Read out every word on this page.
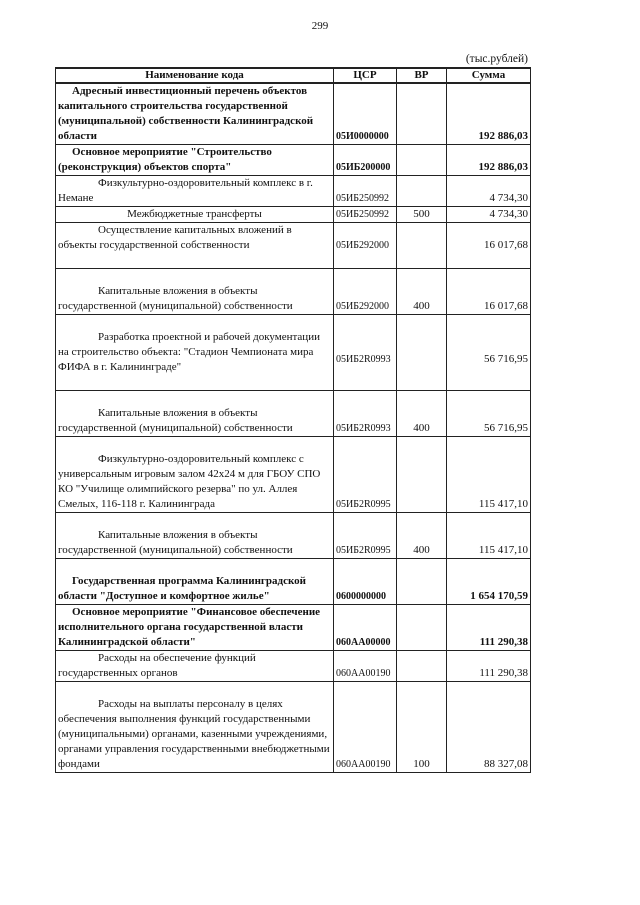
299
(тыс.рублей)
Наименование кода	ЦСР	ВР	Сумма

Адресный инвестиционный перечень объектов капитального строительства государственной (муниципальной) собственности Калининградской области	05И0000000		192 886,03

Основное мероприятие "Строительство (реконструкция) объектов спорта"	05ИБ200000		192 886,03

Физкультурно-оздоровительный комплекс в г. Немане	05ИБ250992		4 734,30

Межбюджетные трансферты	05ИБ250992	500	4 734,30

Осуществление капитальных вложений в объекты государственной собственности	05ИБ292000		16 017,68

Капитальные вложения в объекты государственной (муниципальной) собственности	05ИБ292000	400	16 017,68

Разработка проектной и рабочей документации на строительство объекта: "Стадион Чемпионата мира ФИФА в г. Калининграде"	05ИБ2R0993		56 716,95

Капитальные вложения в объекты государственной (муниципальной) собственности	05ИБ2R0993	400	56 716,95

Физкультурно-оздоровительный комплекс с универсальным игровым залом 42х24 м для ГБОУ СПО КО "Училище олимпийского резерва" по ул. Аллея Смелых, 116-118 г. Калининграда	05ИБ2R0995		115 417,10

Капитальные вложения в объекты государственной (муниципальной) собственности	05ИБ2R0995	400	115 417,10

Государственная программа Калининградской области "Доступное и комфортное жилье"	0600000000		1 654 170,59

Основное мероприятие "Финансовое обеспечение исполнительного органа государственной власти Калининградской области"	060АА00000		111 290,38

Расходы на обеспечение функций государственных органов	060АА00190		111 290,38

Расходы на выплаты персоналу в целях обеспечения выполнения функций государственными (муниципальными) органами, казенными учреждениями, органами управления государственными внебюджетными фондами	060АА00190	100	88 327,08
